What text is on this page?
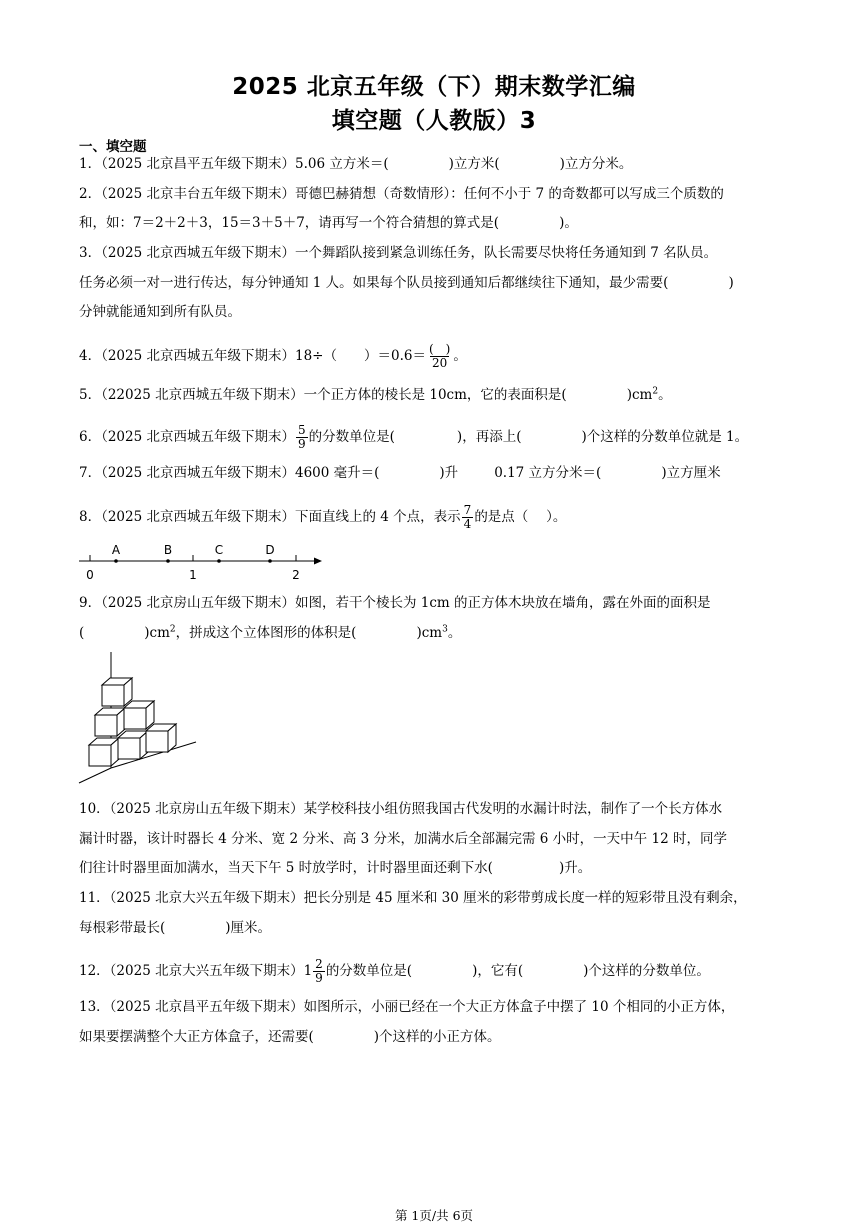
2025 北京五年级（下）期末数学汇编
填空题（人教版）3
一、填空题
1．（2025 北京昌平五年级下期末）5.06 立方米＝(	)立方米(	)立方分米。
2．（2025 北京丰台五年级下期末）哥德巴赫猜想（奇数情形）：任何不小于 7 的奇数都可以写成三个质数的
和，如：7＝2＋2＋3，15＝3＋5＋7，请再写一个符合猜想的算式是(	)。
3．（2025 北京西城五年级下期末）一个舞蹈队接到紧急训练任务，队长需要尽快将任务通知到 7 名队员。
任务必须一对一进行传达，每分钟通知 1 人。如果每个队员接到通知后都继续往下通知，最少需要(	)
分钟就能通知到所有队员。
4．（2025 北京西城五年级下期末）18÷（　　）$=0.6= \frac{( )}{20}$ 。
5．（22025 北京西城五年级下期末）一个正方体的棱长是 10cm，它的表面积是(	)$cm^2$。
6．（2025 北京西城五年级下期末） $\frac{5}{9}$ 的分数单位是(	)，再添上(	)个这样的分数单位就是 1。
7．（2025 北京西城五年级下期末）4600 毫升＝(	)升	0.17 立方分米＝(	)立方厘米
8．（2025 北京西城五年级下期末）下面直线上的 4 个点，表示 $\frac{7}{4}$ 的是点（　 ）。
A	B	C	D
0	1	2
9．（2025 北京房山五年级下期末）如图，若干个棱长为 1cm 的正方体木块放在墙角，露在外面的面积是
(	)$cm^2$，拼成这个立体图形的体积是(	)$cm^3$。
10．（2025 北京房山五年级下期末）某学校科技小组仿照我国古代发明的水漏计时法，制作了一个长方体水
漏计时器，该计时器长 4 分米、宽 2 分米、高 3 分米，加满水后全部漏完需 6 小时，一天中午 12 时，同学
们往计时器里面加满水，当天下午 5 时放学时，计时器里面还剩下水(	)升。
11．（2025 北京大兴五年级下期末）把长分别是 45 厘米和 30 厘米的彩带剪成长度一样的短彩带且没有剩余，
每根彩带最长(	)厘米。
12．（2025 北京大兴五年级下期末）$1 \frac{2}{9}$ 的分数单位是(	)，它有(	)个这样的分数单位。
13．（2025 北京昌平五年级下期末）如图所示，小丽已经在一个大正方体盒子中摆了 10 个相同的小正方体，
如果要摆满整个大正方体盒子，还需要(	)个这样的小正方体。
第 1页/共 6页
